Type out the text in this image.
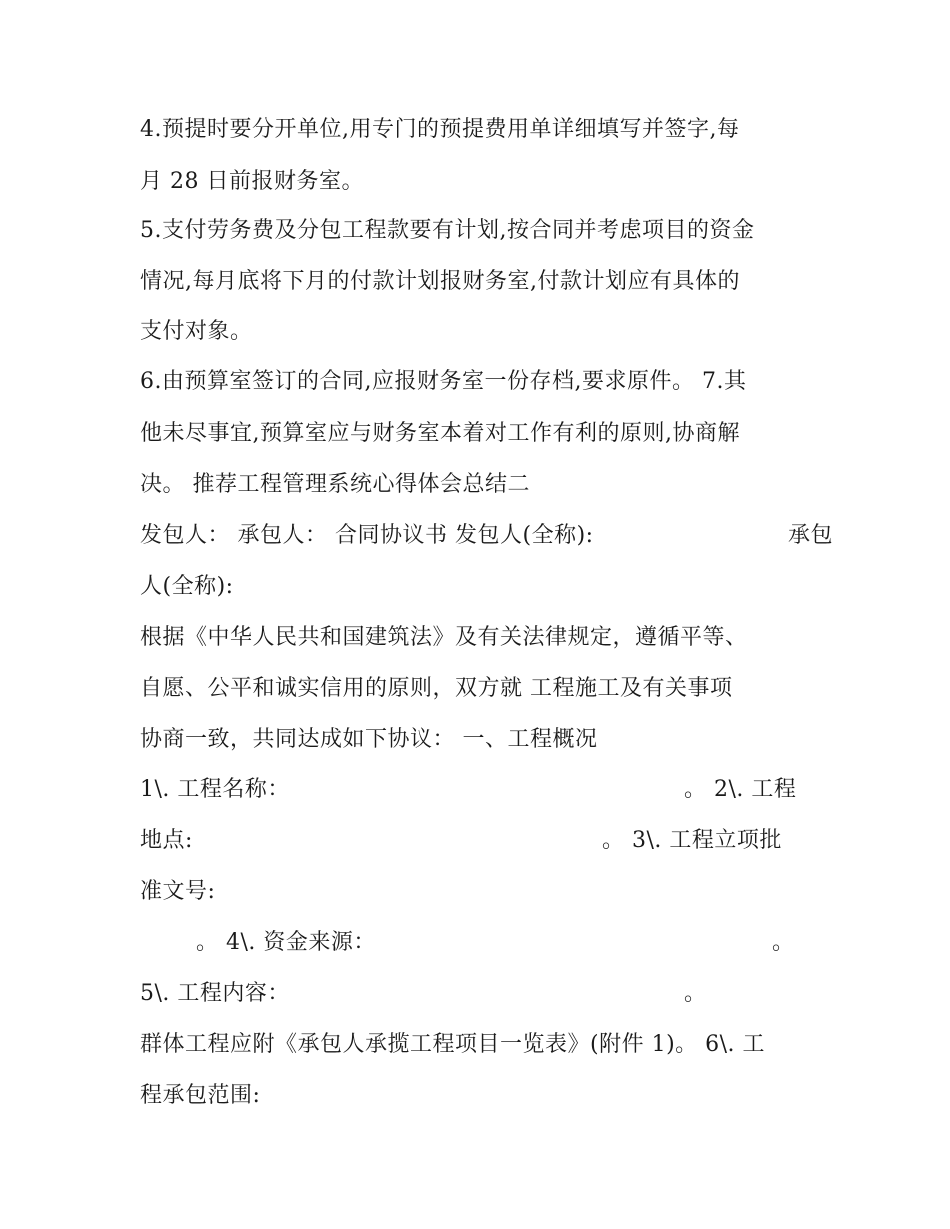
4.预提时要分开单位,用专门的预提费用单详细填写并签字,每
月 28 日前报财务室。
5.支付劳务费及分包工程款要有计划,按合同并考虑项目的资金
情况,每月底将下月的付款计划报财务室,付款计划应有具体的
支付对象。
6.由预算室签订的合同,应报财务室一份存档,要求原件。 7.其
他未尽事宜,预算室应与财务室本着对工作有利的原则,协商解
决。 推荐工程管理系统心得体会总结二
发包人： 承包人： 合同协议书 发包人(全称):	承包
人(全称):
根据《中华人民共和国建筑法》及有关法律规定，遵循平等、
自愿、公平和诚实信用的原则，双方就 工程施工及有关事项
协商一致，共同达成如下协议： 一、工程概况
1\. 工程名称：	。 2\. 工程
地点:	。 3\. 工程立项批
准文号:
。 4\. 资金来源：	。
5\. 工程内容：	。
群体工程应附《承包人承揽工程项目一览表》(附件 1)。 6\. 工
程承包范围:
